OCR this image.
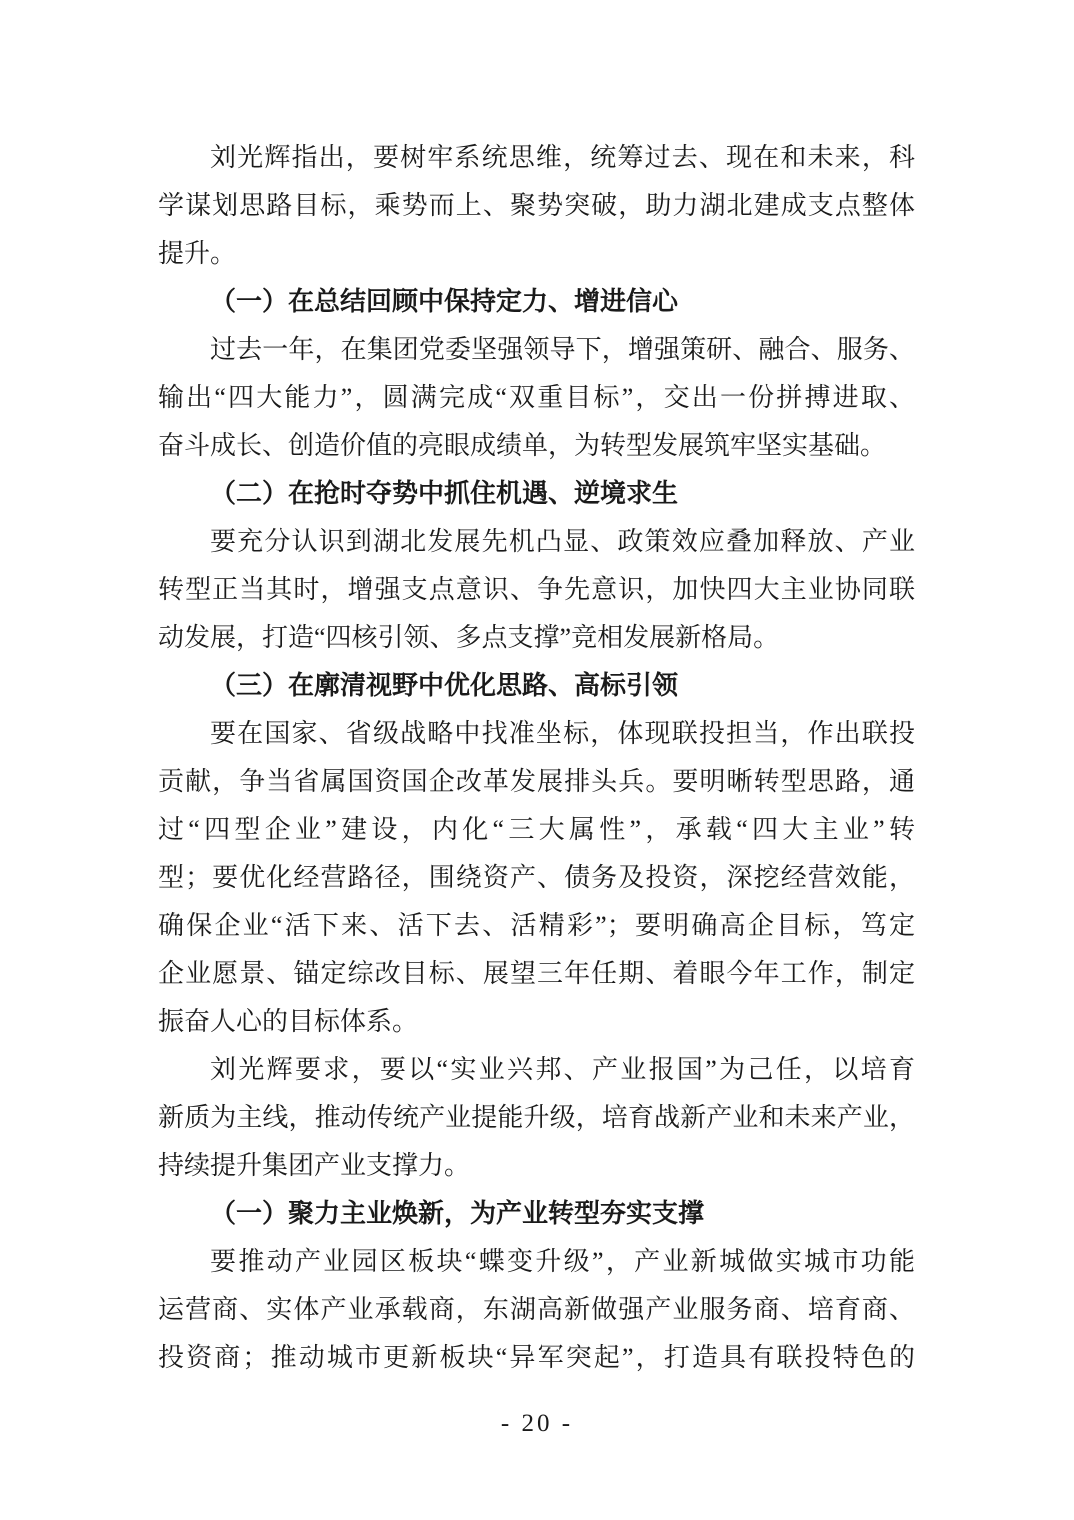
刘光辉指出，要树牢系统思维，统筹过去、现在和未来，科
学谋划思路目标，乘势而上、聚势突破，助力湖北建成支点整体
提升。
（一）在总结回顾中保持定力、增进信心
过去一年，在集团党委坚强领导下，增强策研、融合、服务、
输出“四大能力”，圆满完成“双重目标”，交出一份拼搏进取、
奋斗成长、创造价值的亮眼成绩单，为转型发展筑牢坚实基础。
（二）在抢时夺势中抓住机遇、逆境求生
要充分认识到湖北发展先机凸显、政策效应叠加释放、产业
转型正当其时，增强支点意识、争先意识，加快四大主业协同联
动发展，打造“四核引领、多点支撑”竞相发展新格局。
（三）在廓清视野中优化思路、高标引领
要在国家、省级战略中找准坐标，体现联投担当，作出联投
贡献，争当省属国资国企改革发展排头兵。要明晰转型思路，通
过“四型企业”建设，内化“三大属性”，承载“四大主业”转
型；要优化经营路径，围绕资产、债务及投资，深挖经营效能，
确保企业“活下来、活下去、活精彩”；要明确高企目标，笃定
企业愿景、锚定综改目标、展望三年任期、着眼今年工作，制定
振奋人心的目标体系。
刘光辉要求，要以“实业兴邦、产业报国”为己任，以培育
新质为主线，推动传统产业提能升级，培育战新产业和未来产业，
持续提升集团产业支撑力。
（一）聚力主业焕新，为产业转型夯实支撑
要推动产业园区板块“蝶变升级”，产业新城做实城市功能
运营商、实体产业承载商，东湖高新做强产业服务商、培育商、
投资商；推动城市更新板块“异军突起”，打造具有联投特色的
- 20 -
